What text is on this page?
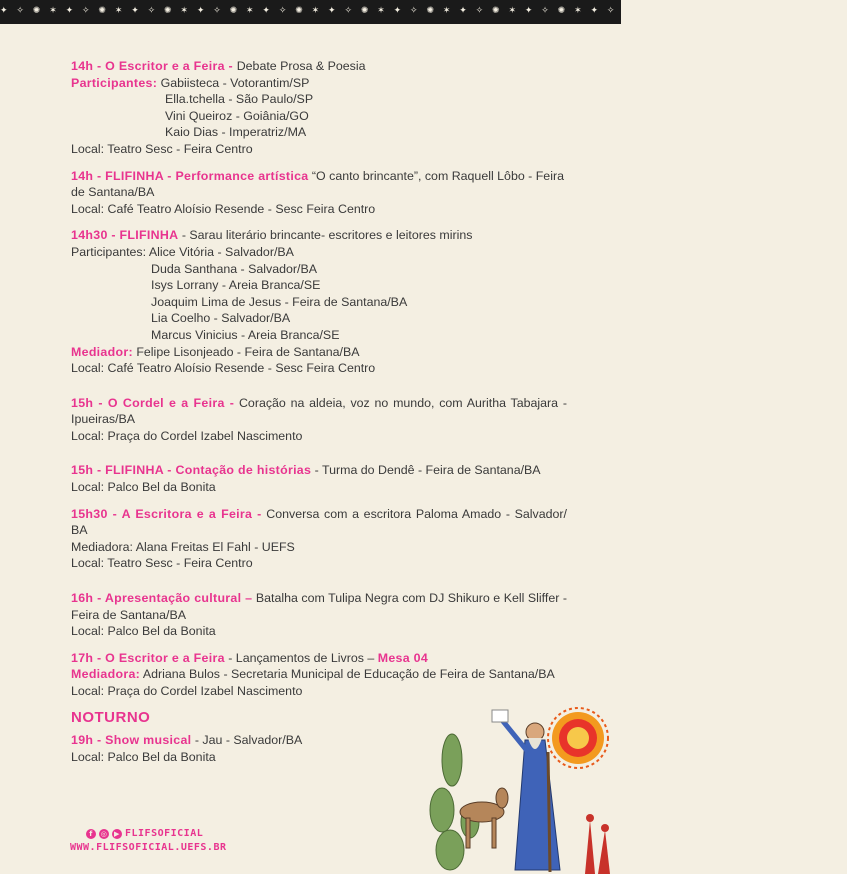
✦ ✧ ✺ ✶ ✦ ✧ ✺ ✶ ✦ ✧ ✺ ✶ ✦ ✧ ✺ ✶ ✦ ✧ ✺ ✶ ✦ ✧ ✺ ✶ ✦ ✧ ✺ ✶ ✦ ✧ ✺ ✶ ✦ ✧ ✺ ✶ ✦ ✧ ✺ ✶ ✦ ✧ ✺ ✶ ✦ ✧ ✺ ✶ ✦ ✧ ✺ ✶
14h - O Escritor e a Feira - Debate Prosa & Poesia
Participantes: Gabiisteca - Votorantim/SP
Ella.tchella - São Paulo/SP
Vini Queiroz - Goiânia/GO
Kaio Dias - Imperatriz/MA
Local: Teatro Sesc - Feira Centro
14h - FLIFINHA - Performance artística “O canto brincante”, com Raquell Lôbo - Feira de Santana/BA
Local: Café Teatro Aloísio Resende - Sesc Feira Centro
14h30 - FLIFINHA - Sarau literário brincante- escritores e leitores mirins
Participantes: Alice Vitória - Salvador/BA
Duda Santhana - Salvador/BA
Isys Lorrany - Areia Branca/SE
Joaquim Lima de Jesus - Feira de Santana/BA
Lia Coelho - Salvador/BA
Marcus Vinicius - Areia Branca/SE
Mediador: Felipe Lisonjeado - Feira de Santana/BA
Local: Café Teatro Aloísio Resende - Sesc Feira Centro
15h - O Cordel e a Feira - Coração na aldeia, voz no mundo, com Auritha Tabajara - Ipueiras/BA
Local: Praça do Cordel Izabel Nascimento
15h - FLIFINHA - Contação de histórias - Turma do Dendê - Feira de Santana/BA
Local: Palco Bel da Bonita
15h30 - A Escritora e a Feira - Conversa com a escritora Paloma Amado - Salvador/ BA
Mediadora: Alana Freitas El Fahl - UEFS
Local: Teatro Sesc - Feira Centro
16h - Apresentação cultural – Batalha com Tulipa Negra com DJ Shikuro e Kell Sliffer - Feira de Santana/BA
Local: Palco Bel da Bonita
17h - O Escritor e a Feira - Lançamentos de Livros – Mesa 04
Mediadora: Adriana Bulos - Secretaria Municipal de Educação de Feira de Santana/BA
Local: Praça do Cordel Izabel Nascimento
NOTURNO
19h - Show musical - Jau - Salvador/BA
Local: Palco Bel da Bonita
f	◎ ▶ FLIFSOFICIAL
WWW.FLIFSOFICIAL.UEFS.BR
